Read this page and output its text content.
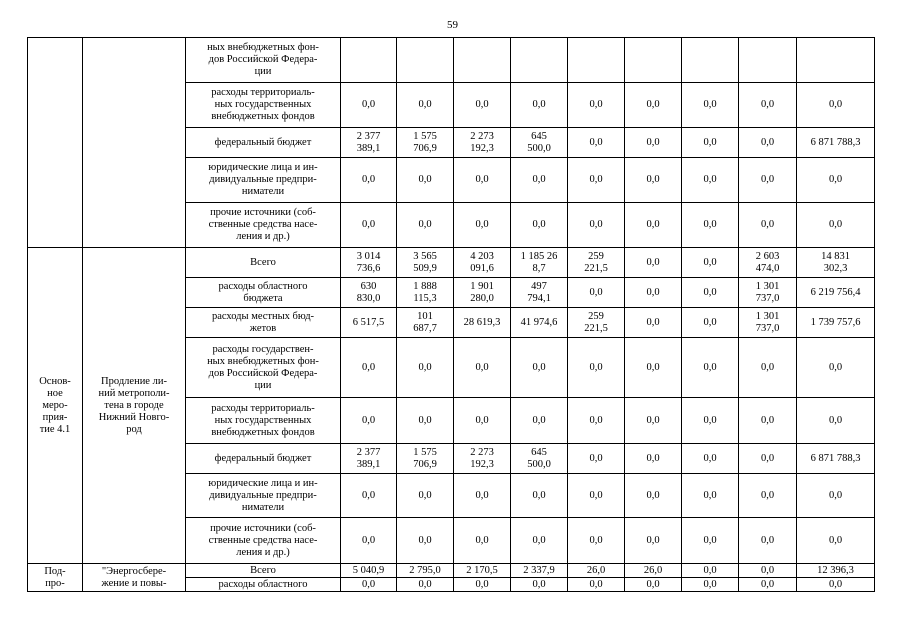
59
		ных внебюджетных фон-
дов Российской Федера-
ции									
		расходы территориаль-
ных государственных
внебюджетных фондов	0,0	0,0	0,0	0,0	0,0	0,0	0,0	0,0	0,0
		федеральный бюджет	2 377
389,1	1 575
706,9	2 273
192,3	645
500,0	0,0	0,0	0,0	0,0	6 871 788,3
		юридические лица и ин-
дивидуальные предпри-
ниматели	0,0	0,0	0,0	0,0	0,0	0,0	0,0	0,0	0,0
		прочие источники (соб-
ственные средства насе-
ления и др.)	0,0	0,0	0,0	0,0	0,0	0,0	0,0	0,0	0,0
Основ-
ное
меро-
прия-
тие 4.1	Продление ли-
ний метрополи-
тена в городе
Нижний Новго-
род	Всего	3 014
736,6	3 565
509,9	4 203
091,6	1 185 26
8,7	259
221,5	0,0	0,0	2 603
474,0	14 831
302,3
		расходы областного
бюджета	630
830,0	1 888
115,3	1 901
280,0	497
794,1	0,0	0,0	0,0	1 301
737,0	6 219 756,4
		расходы местных бюд-
жетов	6 517,5	101
687,7	28 619,3	41 974,6	259
221,5	0,0	0,0	1 301
737,0	1 739 757,6
		расходы государствен-
ных внебюджетных фон-
дов Российской Федера-
ции	0,0	0,0	0,0	0,0	0,0	0,0	0,0	0,0	0,0
		расходы территориаль-
ных государственных
внебюджетных фондов	0,0	0,0	0,0	0,0	0,0	0,0	0,0	0,0	0,0
		федеральный бюджет	2 377
389,1	1 575
706,9	2 273
192,3	645
500,0	0,0	0,0	0,0	0,0	6 871 788,3
		юридические лица и ин-
дивидуальные предпри-
ниматели	0,0	0,0	0,0	0,0	0,0	0,0	0,0	0,0	0,0
		прочие источники (соб-
ственные средства насе-
ления и др.)	0,0	0,0	0,0	0,0	0,0	0,0	0,0	0,0	0,0
Под-
про-	"Энергосбере-
жение и повы-	Всего	5 040,9	2 795,0	2 170,5	2 337,9	26,0	26,0	0,0	0,0	12 396,3
		расходы областного	0,0	0,0	0,0	0,0	0,0	0,0	0,0	0,0	0,0
